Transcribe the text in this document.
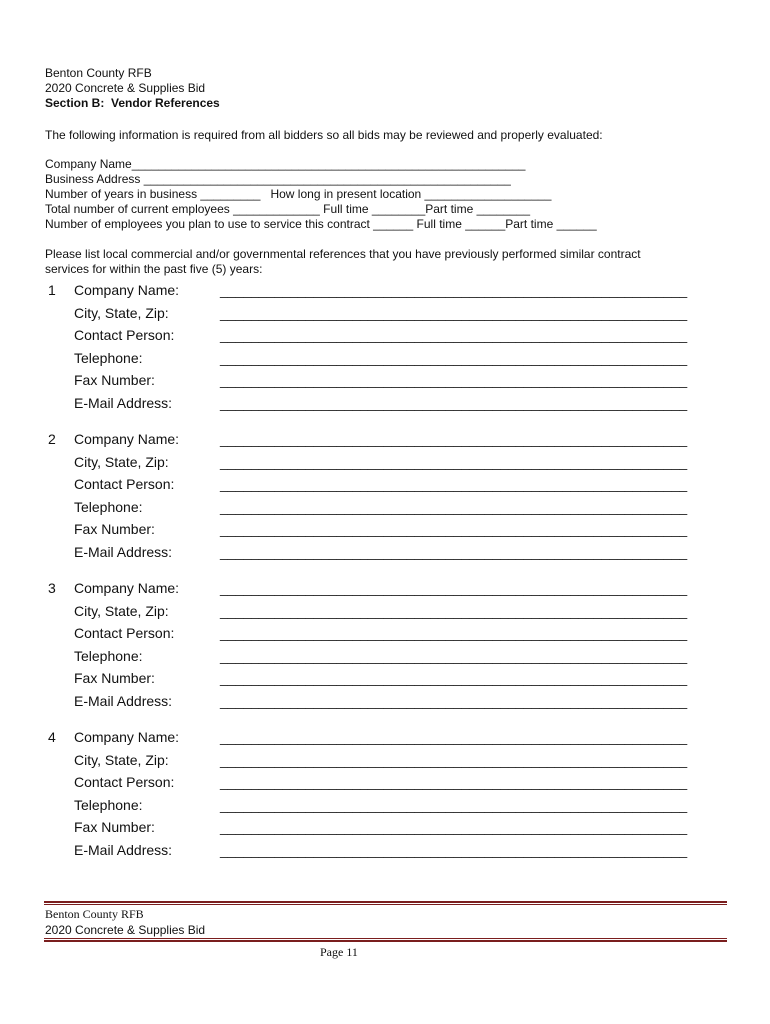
Benton County RFB
2020 Concrete & Supplies Bid
Section B:  Vendor References
The following information is required from all bidders so all bids may be reviewed and properly evaluated:
Company Name___________________________________________________________
Business Address _______________________________________________________
Number of years in business _________   How long in present location ___________________
Total number of current employees _____________ Full time ________Part time ________
Number of employees you plan to use to service this contract ______ Full time ______Part time ______
Please list local commercial and/or governmental references that you have previously performed similar contract
services for within the past five (5) years:
1 Company Name:	____________________________________________________________
City, State, Zip:	____________________________________________________________
Contact Person:	____________________________________________________________
Telephone:	____________________________________________________________
Fax Number:	____________________________________________________________
E-Mail Address:	____________________________________________________________
2 Company Name:	____________________________________________________________
City, State, Zip:	____________________________________________________________
Contact Person:	____________________________________________________________
Telephone:	____________________________________________________________
Fax Number:	____________________________________________________________
E-Mail Address:	____________________________________________________________
3 Company Name:	____________________________________________________________
City, State, Zip:	____________________________________________________________
Contact Person:	____________________________________________________________
Telephone:	____________________________________________________________
Fax Number:	____________________________________________________________
E-Mail Address:	____________________________________________________________
4 Company Name:	____________________________________________________________
City, State, Zip:	____________________________________________________________
Contact Person:	____________________________________________________________
Telephone:	____________________________________________________________
Fax Number:	____________________________________________________________
E-Mail Address:	____________________________________________________________
Benton County RFB
2020 Concrete & Supplies Bid
Page 11
